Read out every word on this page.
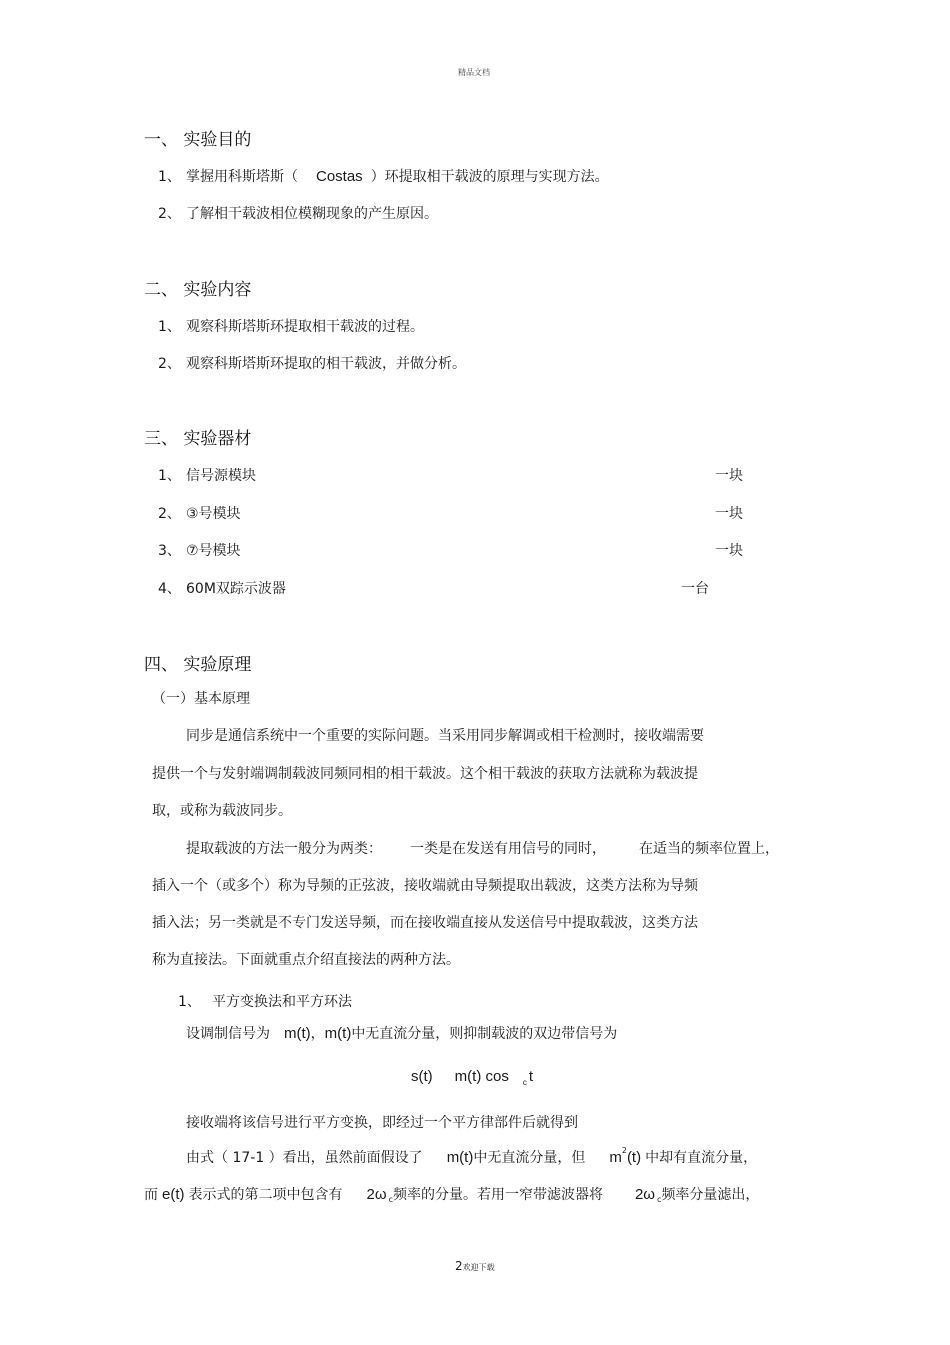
精品文档
一、 实验目的
1、 掌握用科斯塔斯（ Costas ）环提取相干载波的原理与实现方法。
2、 了解相干载波相位模糊现象的产生原因。
二、 实验内容
1、 观察科斯塔斯环提取相干载波的过程。
2、 观察科斯塔斯环提取的相干载波，并做分析。
三、 实验器材
1、 信号源模块	一块
2、 ③号模块	一块
3、 ⑦号模块	一块
4、 60M双踪示波器	一台
四、 实验原理
（一）基本原理
同步是通信系统中一个重要的实际问题。当采用同步解调或相干检测时，接收端需要
提供一个与发射端调制载波同频同相的相干载波。这个相干载波的获取方法就称为载波提
取，或称为载波同步。
提取载波的方法一般分为两类： 一类是在发送有用信号的同时， 在适当的频率位置上，
插入一个（或多个）称为导频的正弦波，接收端就由导频提取出载波，这类方法称为导频
插入法；另一类就是不专门发送导频，而在接收端直接从发送信号中提取载波，这类方法
称为直接法。下面就重点介绍直接法的两种方法。
1、 平方变换法和平方环法
设调制信号为 m(t)，m(t)中无直流分量，则抑制载波的双边带信号为
s(t) m(t) cos $_c$ t
接收端将该信号进行平方变换，即经过一个平方律部件后就得到
由式（ 17-1 ）看出，虽然前面假设了 m(t)中无直流分量，但 $m^2(t)$ 中却有直流分量，
而 e(t) 表示式的第二项中包含有 2ω $_c$频率的分量。若用一窄带滤波器将 2ω $_c$频率分量滤出，
2欢迎下载
